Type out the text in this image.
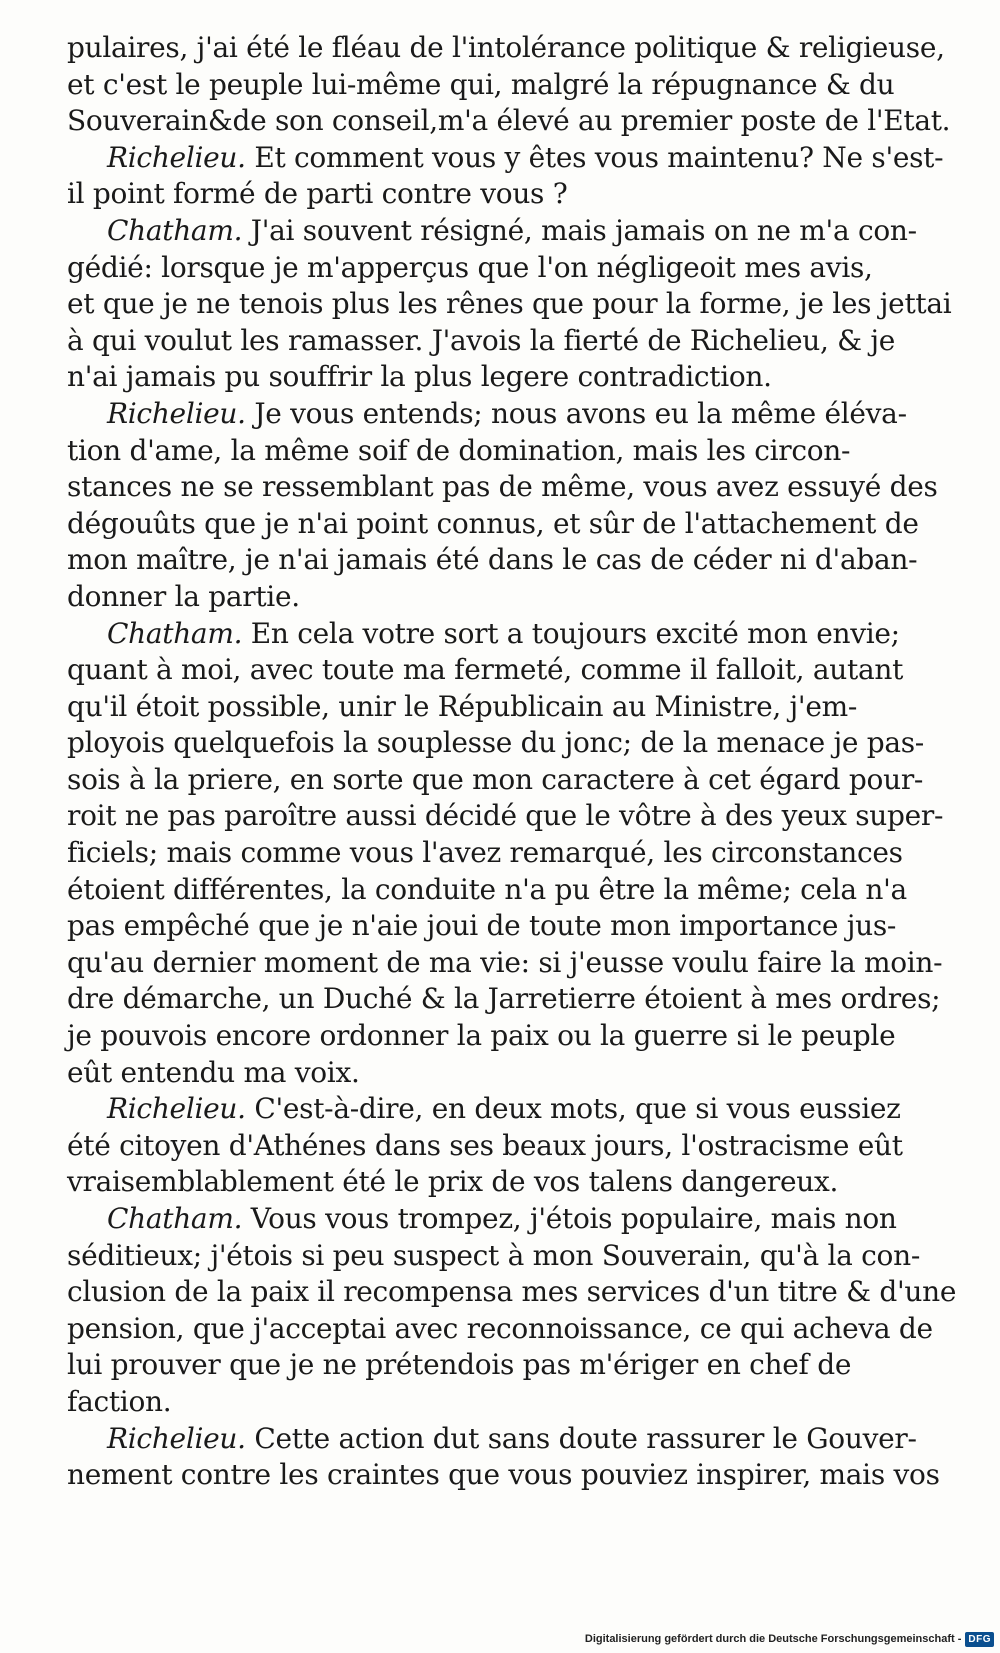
pulaires, j'ai été le fléau de l'intolérance politique & religieuse,
et c'est le peuple lui-même qui, malgré la répugnance & du
Souverain&de son conseil,m'a élevé au premier poste de l'Etat.
Richelieu. Et comment vous y êtes vous maintenu? Ne s'est-
il point formé de parti contre vous ?
Chatham. J'ai souvent résigné, mais jamais on ne m'a con-
gédié: lorsque je m'apperçus que l'on négligeoit mes avis,
et que je ne tenois plus les rênes que pour la forme, je les jettai
à qui voulut les ramasser. J'avois la fierté de Richelieu, & je
n'ai jamais pu souffrir la plus legere contradiction.
Richelieu. Je vous entends; nous avons eu la même éléva-
tion d'ame, la même soif de domination, mais les circon-
stances ne se ressemblant pas de même, vous avez essuyé des
dégouûts que je n'ai point connus, et sûr de l'attachement de
mon maître, je n'ai jamais été dans le cas de céder ni d'aban-
donner la partie.
Chatham. En cela votre sort a toujours excité mon envie;
quant à moi, avec toute ma fermeté, comme il falloit, autant
qu'il étoit possible, unir le Républicain au Ministre, j'em-
ployois quelquefois la souplesse du jonc; de la menace je pas-
sois à la priere, en sorte que mon caractere à cet égard pour-
roit ne pas paroître aussi décidé que le vôtre à des yeux super-
ficiels; mais comme vous l'avez remarqué, les circonstances
étoient différentes, la conduite n'a pu être la même; cela n'a
pas empêché que je n'aie joui de toute mon importance jus-
qu'au dernier moment de ma vie: si j'eusse voulu faire la moin-
dre démarche, un Duché & la Jarretierre étoient à mes ordres;
je pouvois encore ordonner la paix ou la guerre si le peuple
eût entendu ma voix.
Richelieu. C'est-à-dire, en deux mots, que si vous eussiez
été citoyen d'Athénes dans ses beaux jours, l'ostracisme eût
vraisemblablement été le prix de vos talens dangereux.
Chatham. Vous vous trompez, j'étois populaire, mais non
séditieux; j'étois si peu suspect à mon Souverain, qu'à la con-
clusion de la paix il recompensa mes services d'un titre & d'une
pension, que j'acceptai avec reconnoissance, ce qui acheva de
lui prouver que je ne prétendois pas m'ériger en chef de
faction.
Richelieu. Cette action dut sans doute rassurer le Gouver-
nement contre les craintes que vous pouviez inspirer, mais vos
Digitalisierung gefördert durch die Deutsche Forschungsgemeinschaft - DFG
